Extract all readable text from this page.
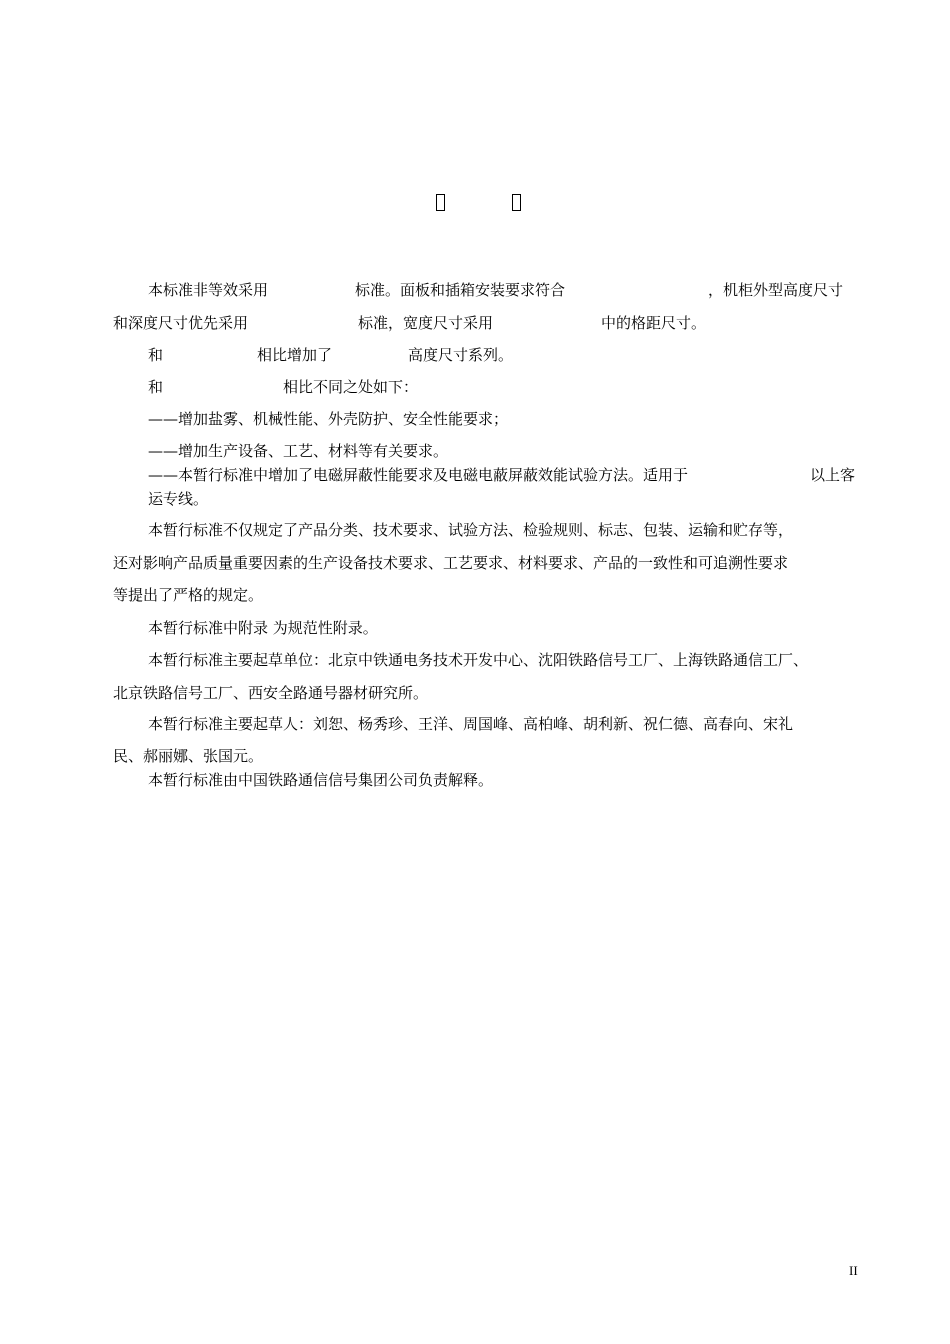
本标准非等效采用	标准。面板和插箱安装要求符合	，机柜外型高度尺寸
和深度尺寸优先采用	标准，宽度尺寸采用	中的格距尺寸。
和	相比增加了	高度尺寸系列。
和	相比不同之处如下：
——增加盐雾、机械性能、外壳防护、安全性能要求；
——增加生产设备、工艺、材料等有关要求。
——本暂行标准中增加了电磁屏蔽性能要求及电磁电蔽屏蔽效能试验方法。适用于	以上客
运专线。
本暂行标准不仅规定了产品分类、技术要求、试验方法、检验规则、标志、包装、运输和贮存等，
还对影响产品质量重要因素的生产设备技术要求、工艺要求、材料要求、产品的一致性和可追溯性要求
等提出了严格的规定。
本暂行标准中附录 为规范性附录。
本暂行标准主要起草单位：北京中铁通电务技术开发中心、沈阳铁路信号工厂、上海铁路通信工厂、
北京铁路信号工厂、西安全路通号器材研究所。
本暂行标准主要起草人：刘恕、杨秀珍、王洋、周国峰、高柏峰、胡利新、祝仁德、高春向、宋礼
民、郝丽娜、张国元。
本暂行标准由中国铁路通信信号集团公司负责解释。
II
